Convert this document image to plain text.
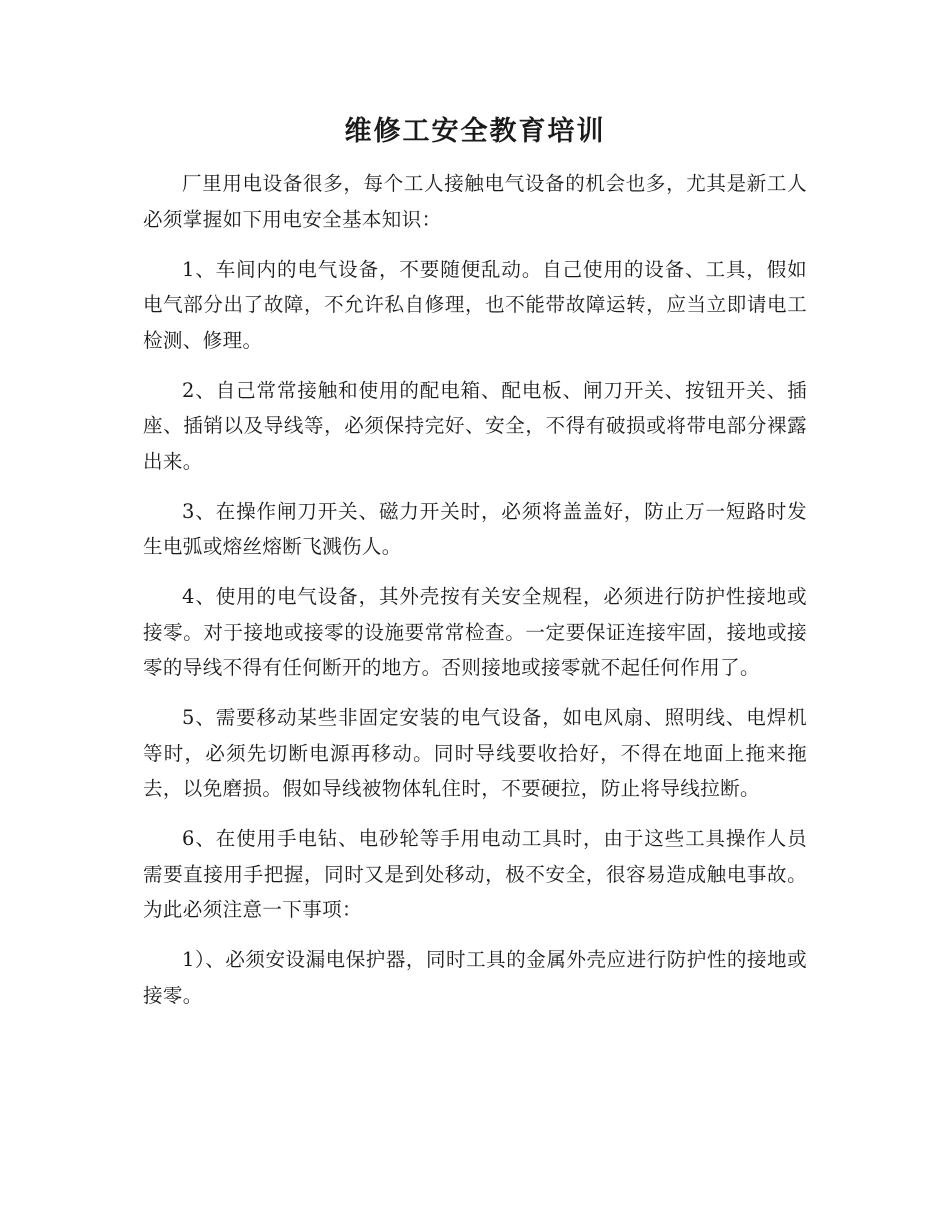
维修工安全教育培训

厂里用电设备很多，每个工人接触电气设备的机会也多，尤其是新工人必须掌握如下用电安全基本知识：

1、车间内的电气设备，不要随便乱动。自己使用的设备、工具，假如电气部分出了故障，不允许私自修理，也不能带故障运转，应当立即请电工检测、修理。

2、自己常常接触和使用的配电箱、配电板、闸刀开关、按钮开关、插座、插销以及导线等，必须保持完好、安全，不得有破损或将带电部分裸露出来。

3、在操作闸刀开关、磁力开关时，必须将盖盖好，防止万一短路时发生电弧或熔丝熔断飞溅伤人。

4、使用的电气设备，其外壳按有关安全规程，必须进行防护性接地或接零。对于接地或接零的设施要常常检查。一定要保证连接牢固，接地或接零的导线不得有任何断开的地方。否则接地或接零就不起任何作用了。

5、需要移动某些非固定安装的电气设备，如电风扇、照明线、电焊机等时，必须先切断电源再移动。同时导线要收拾好，不得在地面上拖来拖去，以免磨损。假如导线被物体轧住时，不要硬拉，防止将导线拉断。

6、在使用手电钻、电砂轮等手用电动工具时，由于这些工具操作人员需要直接用手把握，同时又是到处移动，极不安全，很容易造成触电事故。为此必须注意一下事项：

1）、必须安设漏电保护器，同时工具的金属外壳应进行防护性的接地或接零。
